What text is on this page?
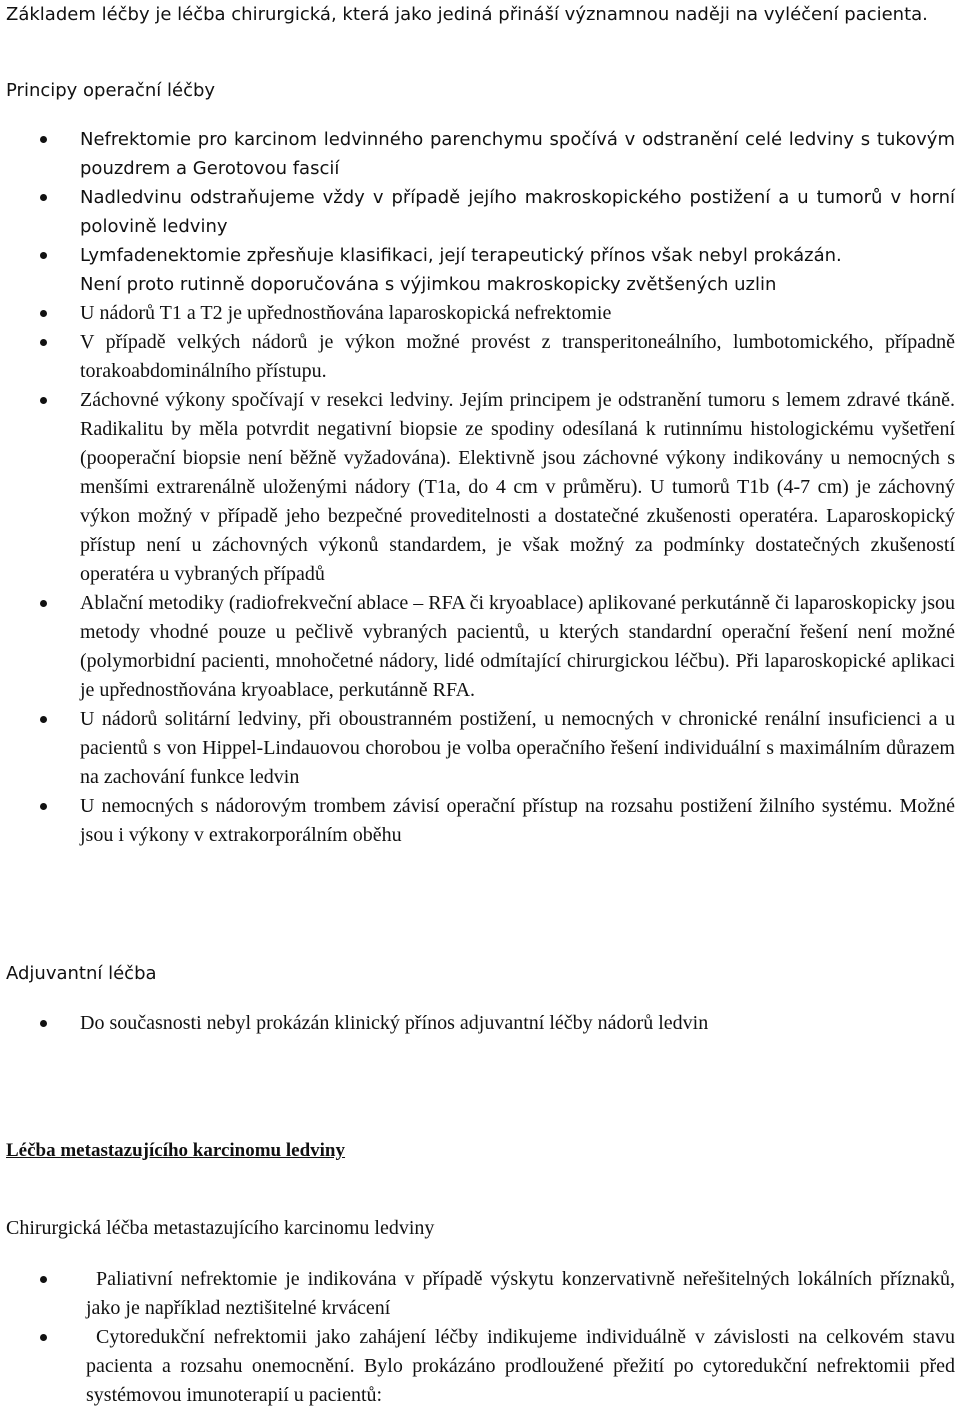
Základem léčby je léčba chirurgická, která jako jediná přináší významnou naději na vyléčení pacienta.

Principy operační léčby

Nefrektomie pro karcinom ledvinného parenchymu spočívá v odstranění celé ledviny s tukovým pouzdrem a Gerotovou fascií
Nadledvinu odstraňujeme vždy v případě jejího makroskopického postižení a u tumorů v horní polovině ledviny
Lymfadenektomie zpřesňuje klasifikaci, její terapeutický přínos však nebyl prokázán.
Není proto rutinně doporučována s výjimkou makroskopicky zvětšených uzlin
U nádorů T1 a T2 je upřednostňována laparoskopická nefrektomie
V případě velkých nádorů je výkon možné provést z transperitoneálního, lumbotomického, případně torakoabdominálního přístupu.
Záchovné výkony spočívají v resekci ledviny. Jejím principem je odstranění tumoru s lemem zdravé tkáně. Radikalitu by měla potvrdit negativní biopsie ze spodiny odesílaná k rutinnímu histologickému vyšetření (pooperační biopsie není běžně vyžadována). Elektivně jsou záchovné výkony indikovány u nemocných s menšími extrarenálně uloženými nádory (T1a, do 4 cm v průměru). U tumorů T1b (4-7 cm) je záchovný výkon možný v případě jeho bezpečné proveditelnosti a dostatečné zkušenosti operatéra. Laparoskopický přístup není u záchovných výkonů standardem, je však možný za podmínky dostatečných zkušeností operatéra u vybraných případů
Ablační metodiky (radiofrekveční ablace – RFA či kryoablace) aplikované perkutánně či laparoskopicky jsou metody vhodné pouze u pečlivě vybraných pacientů, u kterých standardní operační řešení není možné (polymorbidní pacienti, mnohočetné nádory, lidé odmítající chirurgickou léčbu). Při laparoskopické aplikaci je upřednostňována kryoablace, perkutánně RFA.
U nádorů solitární ledviny, při oboustranném postižení, u nemocných v chronické renální insuficienci a u pacientů s von Hippel-Lindauovou chorobou je volba operačního řešení individuální s maximálním důrazem na zachování funkce ledvin
U nemocných s nádorovým trombem závisí operační přístup na rozsahu postižení žilního systému. Možné jsou i výkony v extrakorporálním oběhu

Adjuvantní léčba

Do současnosti nebyl prokázán klinický přínos adjuvantní léčby nádorů ledvin

Léčba metastazujícího karcinomu ledviny

Chirurgická léčba metastazujícího karcinomu ledviny

Paliativní nefrektomie je indikována v případě výskytu konzervativně neřešitelných lokálních příznaků, jako je například neztišitelné krvácení
Cytoredukční nefrektomii jako zahájení léčby indikujeme individuálně v závislosti na celkovém stavu pacienta a rozsahu onemocnění. Bylo prokázáno prodloužené přežití po cytoredukční nefrektomii před systémovou imunoterapií u pacientů:
